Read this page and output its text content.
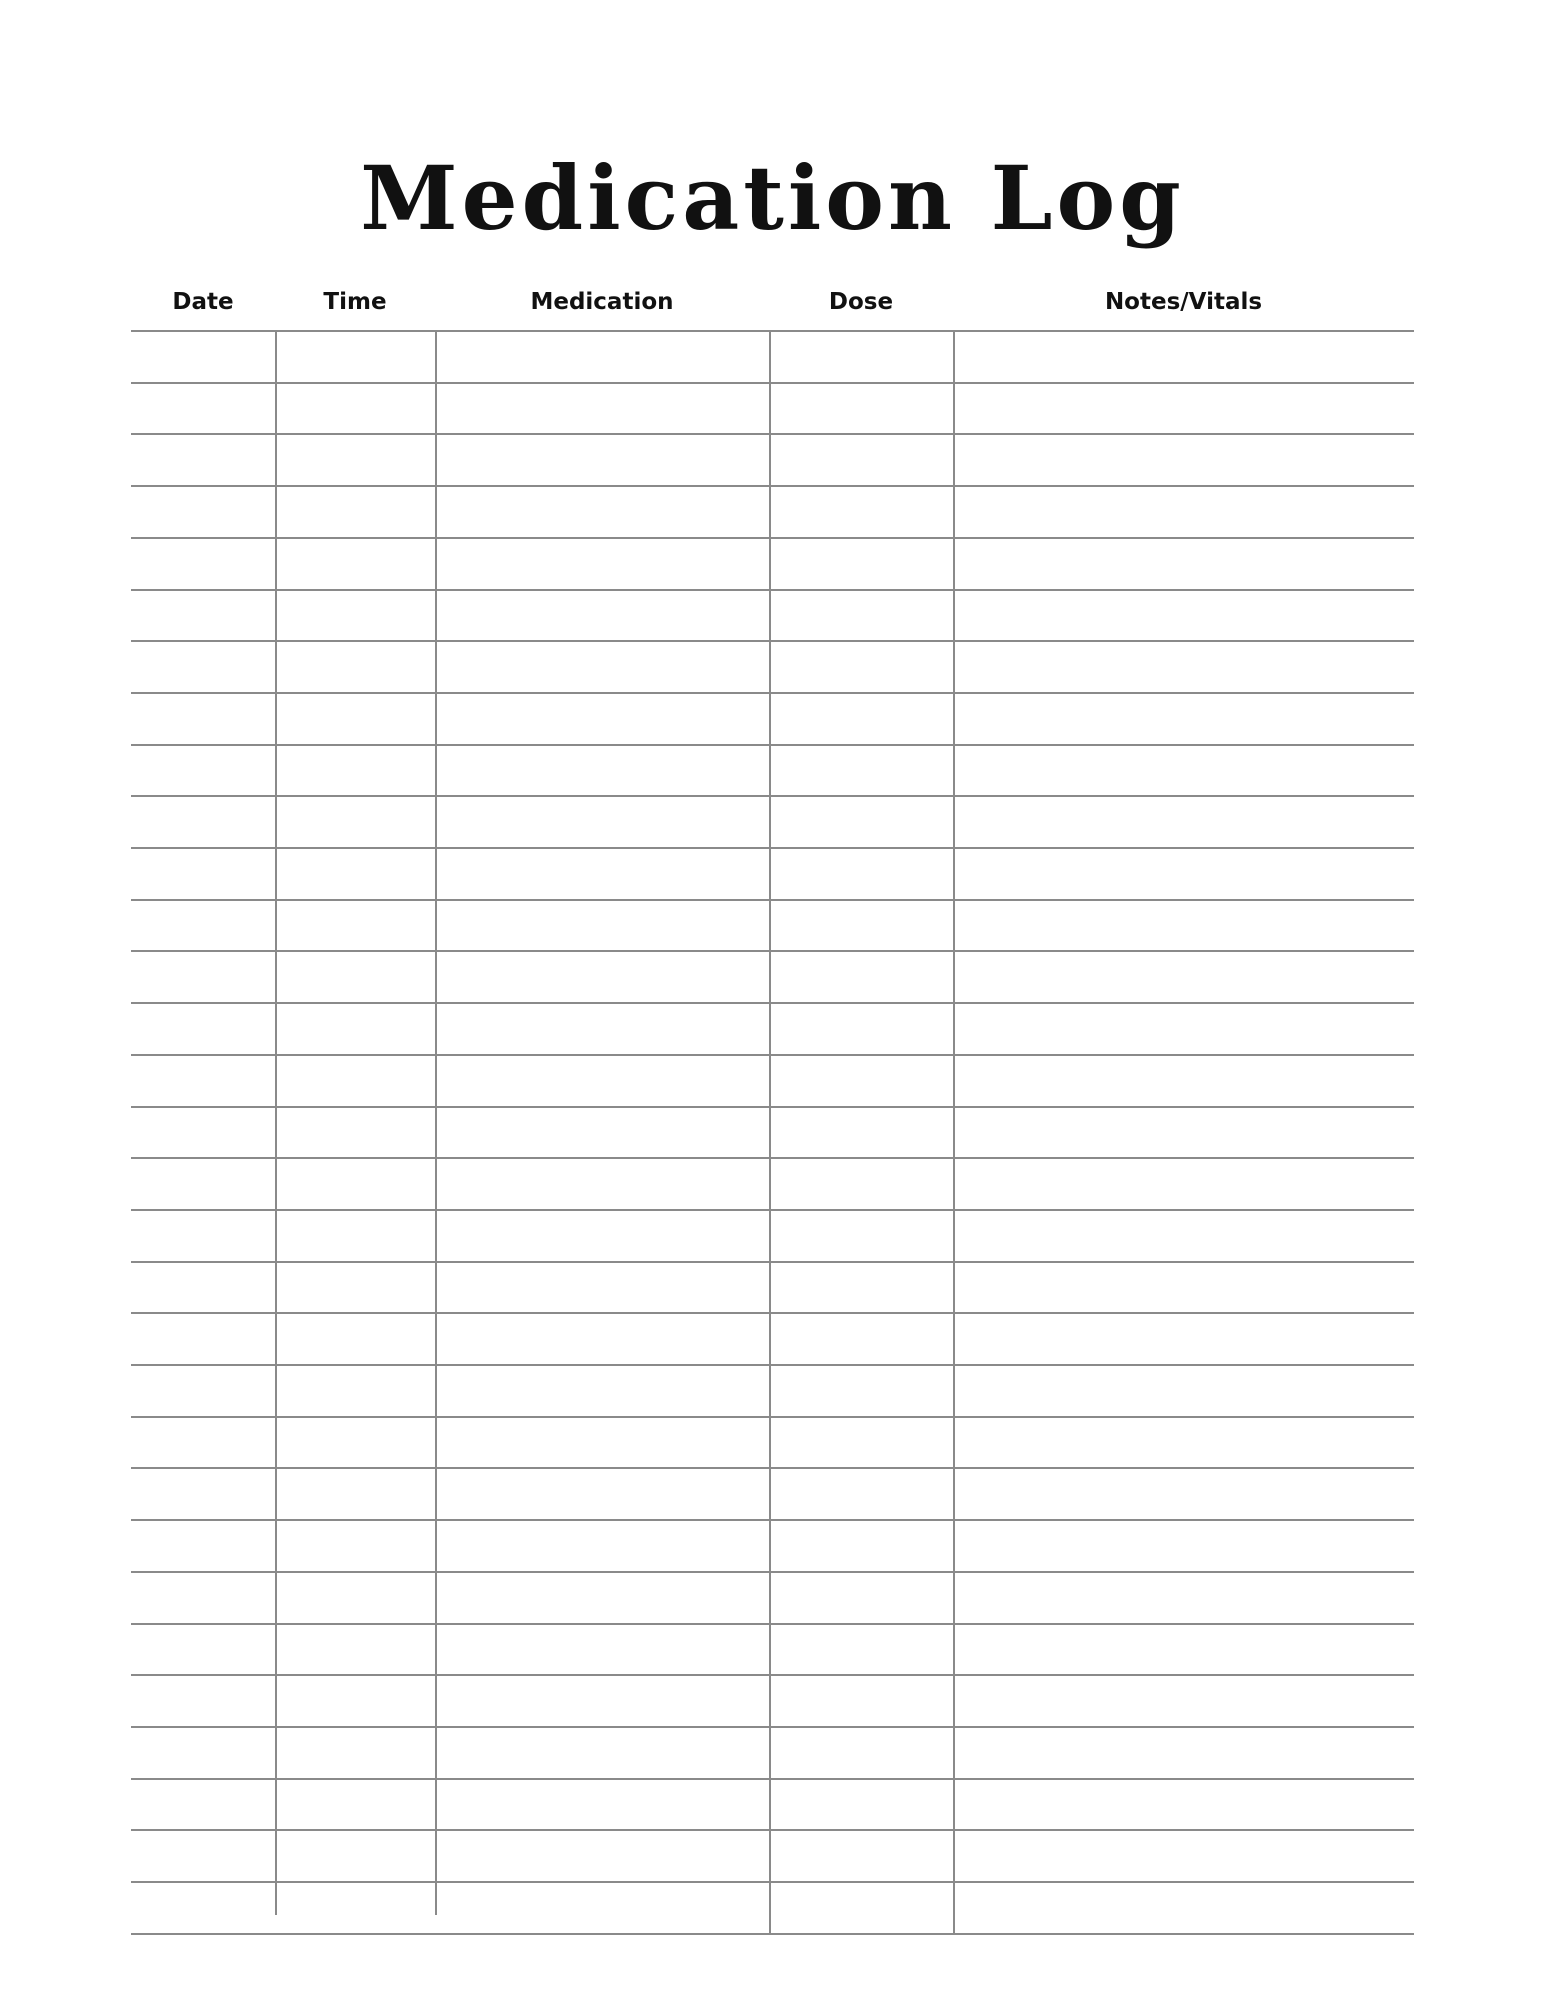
Medication Log
Date	Time	Medication	Dose	Notes/Vitals
